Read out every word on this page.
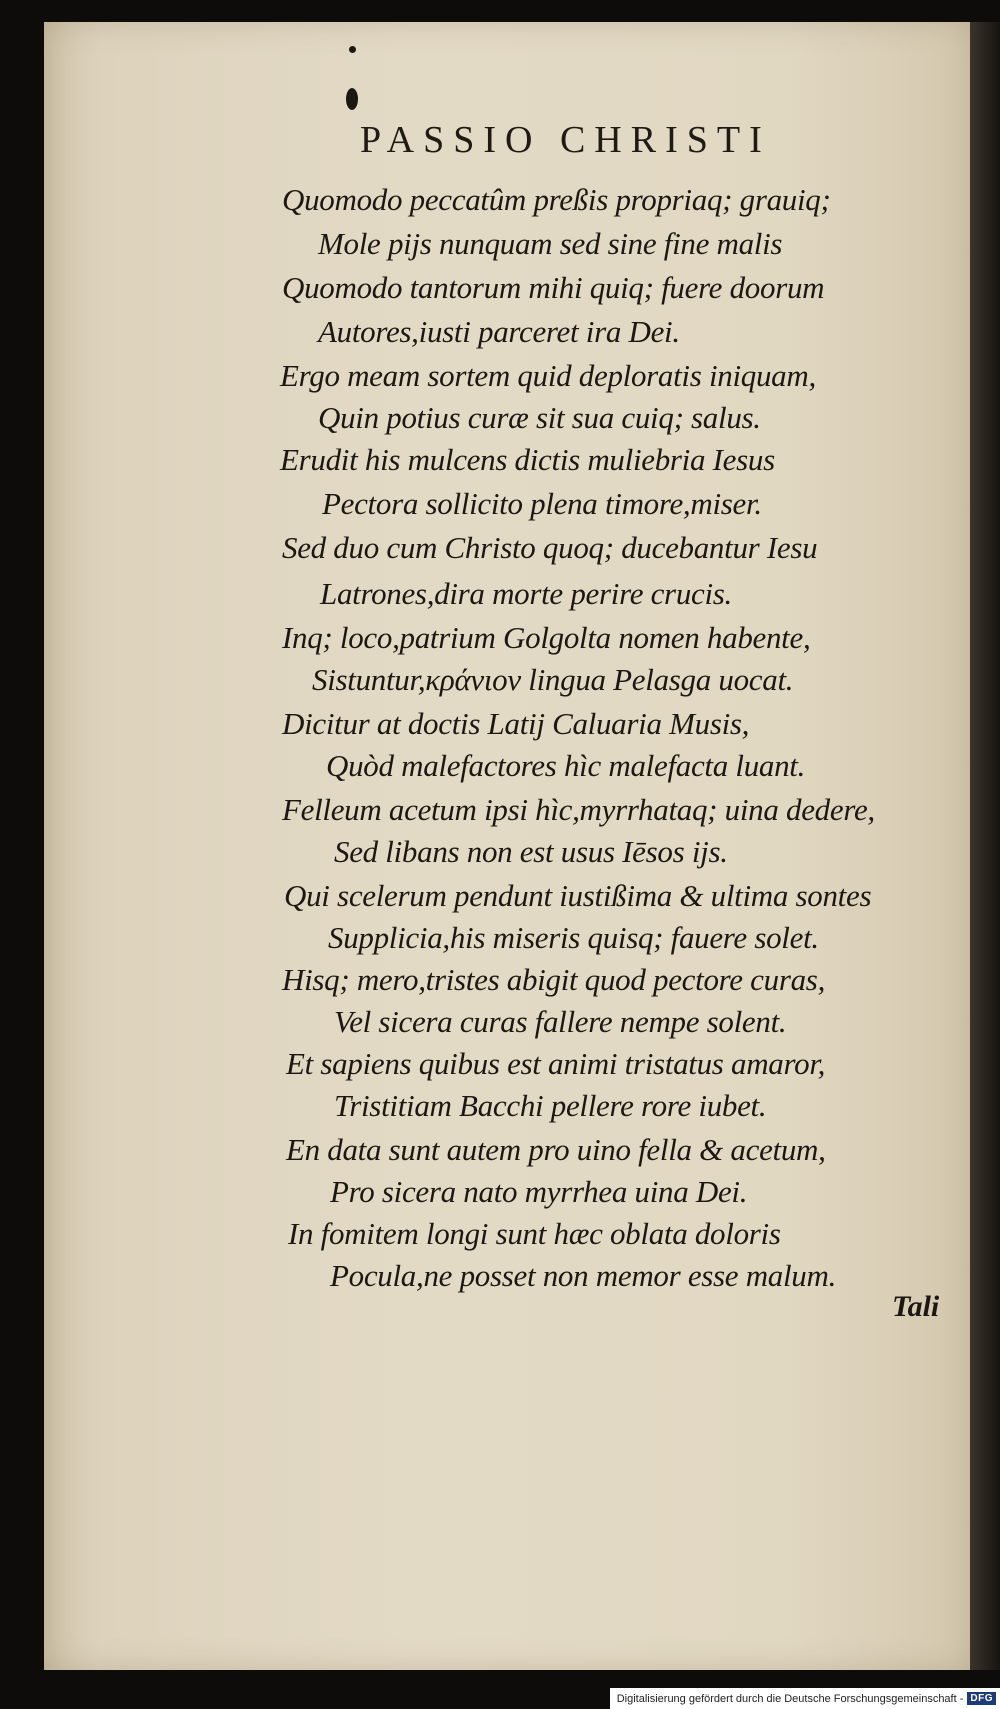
PASSIO CHRISTI
Quomodo peccatûm preßis propriaq; grauiq;
Mole pijs nunquam sed sine fine malis
Quomodo tantorum mihi quiq; fuere doorum
Autores,iusti parceret ira Dei.
Ergo meam sortem quid deploratis iniquam,
Quin potius curæ sit sua cuiq; salus.
Erudit his mulcens dictis muliebria Iesus
Pectora sollicito plena timore,miser.
Sed duo cum Christo quoq; ducebantur Iesu
Latrones,dira morte perire crucis.
Inq; loco,patrium Golgolta nomen habente,
Sistuntur,κράνιον lingua Pelasga uocat.
Dicitur at doctis Latij Caluaria Musis,
Quòd malefactores hìc malefacta luant.
Felleum acetum ipsi hìc,myrrhataq; uina dedere,
Sed libans non est usus Iēsos ijs.
Qui scelerum pendunt iustißima & ultima sontes
Supplicia,his miseris quisq; fauere solet.
Hisq; mero,tristes abigit quod pectore curas,
Vel sicera curas fallere nempe solent.
Et sapiens quibus est animi tristatus amaror,
Tristitiam Bacchi pellere rore iubet.
En data sunt autem pro uino fella & acetum,
Pro sicera nato myrrhea uina Dei.
In fomitem longi sunt hæc oblata doloris
Pocula,ne posset non memor esse malum.
Tali
Digitalisierung gefördert durch die Deutsche Forschungsgemeinschaft - DFG
